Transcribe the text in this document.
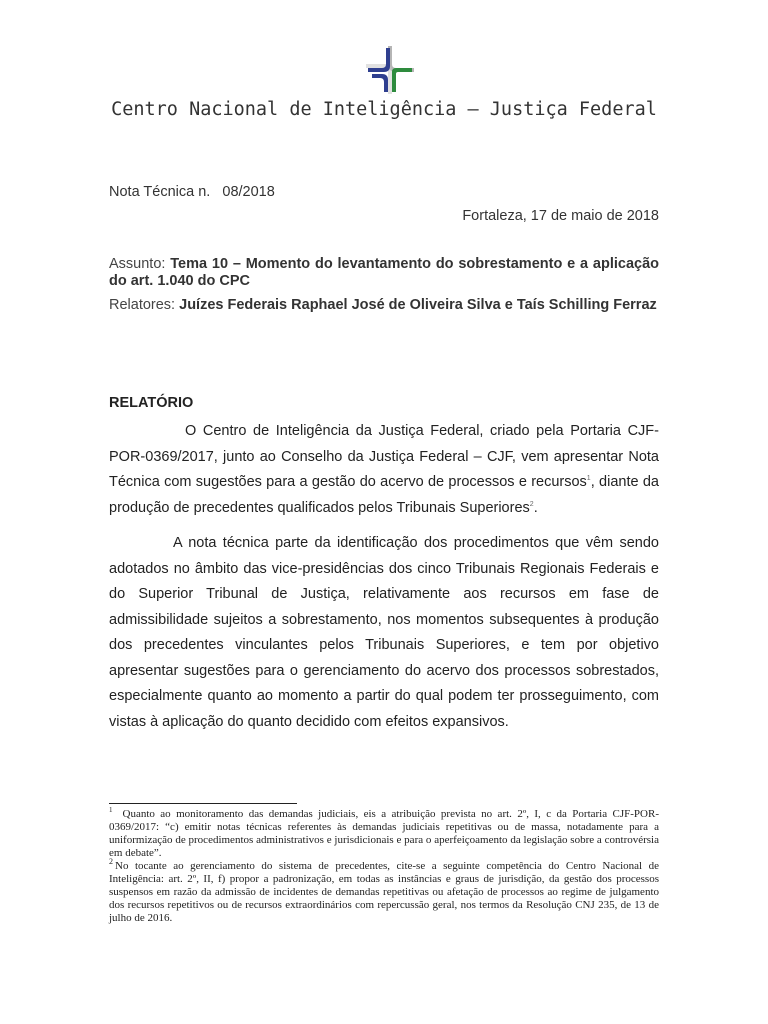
Centro Nacional de Inteligência – Justiça Federal
Nota Técnica n.   08/2018
Fortaleza, 17 de maio de 2018
Assunto: Tema 10 – Momento do levantamento do sobrestamento e a aplicação do art. 1.040 do CPC
Relatores: Juízes Federais Raphael José de Oliveira Silva e Taís Schilling Ferraz
RELATÓRIO
O Centro de Inteligência da Justiça Federal, criado pela Portaria CJF-POR-0369/2017, junto ao Conselho da Justiça Federal – CJF, vem apresentar Nota Técnica com sugestões para a gestão do acervo de processos e recursos$^1$, diante da produção de precedentes qualificados pelos Tribunais Superiores$^2$.
A nota técnica parte da identificação dos procedimentos que vêm sendo adotados no âmbito das vice-presidências dos cinco Tribunais Regionais Federais e do Superior Tribunal de Justiça, relativamente aos recursos em fase de admissibilidade sujeitos a sobrestamento, nos momentos subsequentes à produção dos precedentes vinculantes pelos Tribunais Superiores, e tem por objetivo apresentar sugestões para o gerenciamento do acervo dos processos sobrestados, especialmente quanto ao momento a partir do qual podem ter prosseguimento, com vistas à aplicação do quanto decidido com efeitos expansivos.

$^1$ Quanto ao monitoramento das demandas judiciais, eis a atribuição prevista no art. 2º, I, c da Portaria CJF-POR-0369/2017: “c) emitir notas técnicas referentes às demandas judiciais repetitivas ou de massa, notadamente para a uniformização de procedimentos administrativos e jurisdicionais e para o aperfeiçoamento da legislação sobre a controvérsia em debate”.

$^2$ No tocante ao gerenciamento do sistema de precedentes, cite-se a seguinte competência do Centro Nacional de Inteligência: art. 2º, II, f) propor a padronização, em todas as instâncias e graus de jurisdição, da gestão dos processos suspensos em razão da admissão de incidentes de demandas repetitivas ou afetação de processos ao regime de julgamento dos recursos repetitivos ou de recursos extraordinários com repercussão geral, nos termos da Resolução CNJ 235, de 13 de julho de 2016.
